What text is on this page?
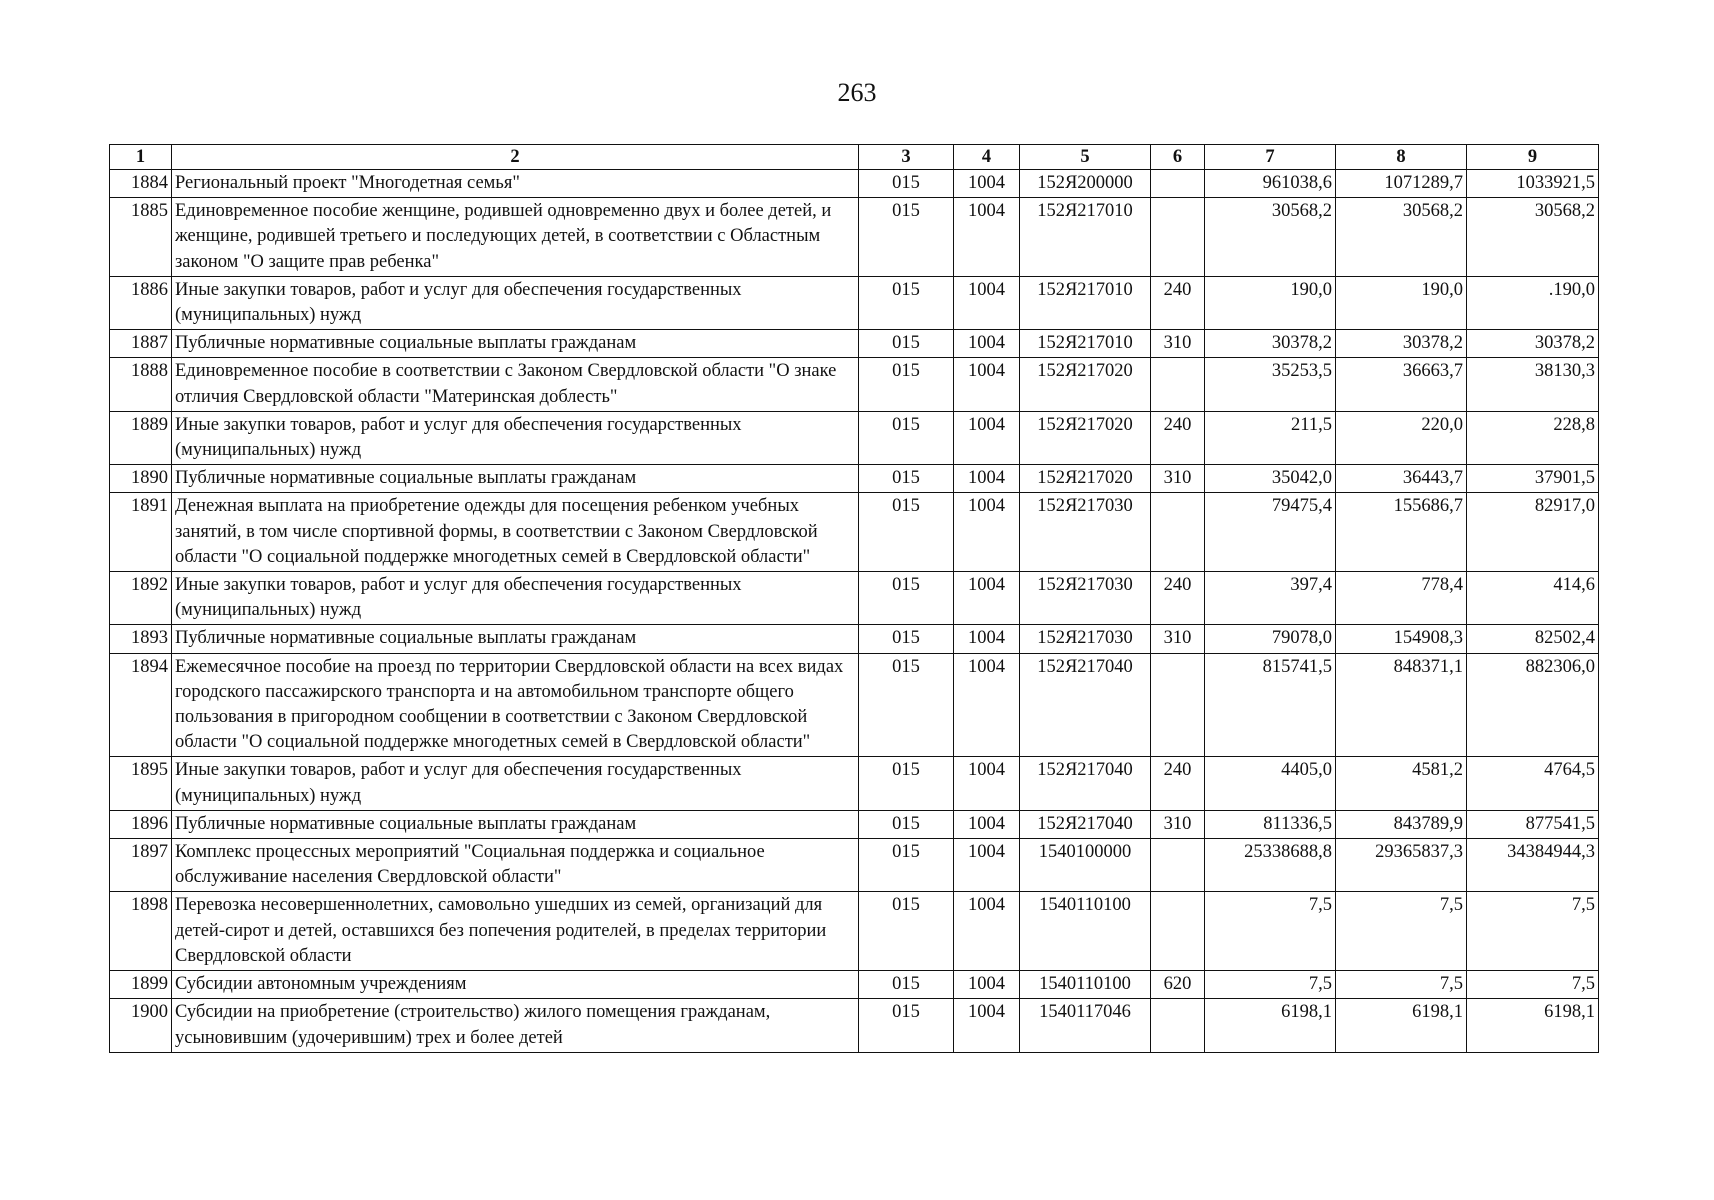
263
1	2	3	4	5	6	7	8	9
1884	Региональный проект "Многодетная семья"	015	1004	152Я200000		961038,6	1071289,7	1033921,5
1885	Единовременное пособие женщине, родившей одновременно двух и более детей, и женщине, родившей третьего и последующих детей, в соответствии с Областным законом "О защите прав ребенка"	015	1004	152Я217010		30568,2	30568,2	30568,2
1886	Иные закупки товаров, работ и услуг для обеспечения государственных (муниципальных) нужд	015	1004	152Я217010	240	190,0	190,0	.190,0
1887	Публичные нормативные социальные выплаты гражданам	015	1004	152Я217010	310	30378,2	30378,2	30378,2
1888	Единовременное пособие в соответствии с Законом Свердловской области "О знаке отличия Свердловской области "Материнская доблесть"	015	1004	152Я217020		35253,5	36663,7	38130,3
1889	Иные закупки товаров, работ и услуг для обеспечения государственных (муниципальных) нужд	015	1004	152Я217020	240	211,5	220,0	228,8
1890	Публичные нормативные социальные выплаты гражданам	015	1004	152Я217020	310	35042,0	36443,7	37901,5
1891	Денежная выплата на приобретение одежды для посещения ребенком учебных занятий, в том числе спортивной формы, в соответствии с Законом Свердловской области "О социальной поддержке многодетных семей в Свердловской области"	015	1004	152Я217030		79475,4	155686,7	82917,0
1892	Иные закупки товаров, работ и услуг для обеспечения государственных (муниципальных) нужд	015	1004	152Я217030	240	397,4	778,4	414,6
1893	Публичные нормативные социальные выплаты гражданам	015	1004	152Я217030	310	79078,0	154908,3	82502,4
1894	Ежемесячное пособие на проезд по территории Свердловской области на всех видах городского пассажирского транспорта и на автомобильном транспорте общего пользования в пригородном сообщении в соответствии с Законом Свердловской области "О социальной поддержке многодетных семей в Свердловской области"	015	1004	152Я217040		815741,5	848371,1	882306,0
1895	Иные закупки товаров, работ и услуг для обеспечения государственных (муниципальных) нужд	015	1004	152Я217040	240	4405,0	4581,2	4764,5
1896	Публичные нормативные социальные выплаты гражданам	015	1004	152Я217040	310	811336,5	843789,9	877541,5
1897	Комплекс процессных мероприятий "Социальная поддержка и социальное обслуживание населения Свердловской области"	015	1004	1540100000		25338688,8	29365837,3	34384944,3
1898	Перевозка несовершеннолетних, самовольно ушедших из семей, организаций для детей-сирот и детей, оставшихся без попечения родителей, в пределах территории Свердловской области	015	1004	1540110100		7,5	7,5	7,5
1899	Субсидии автономным учреждениям	015	1004	1540110100	620	7,5	7,5	7,5
1900	Субсидии на приобретение (строительство) жилого помещения гражданам, усыновившим (удочерившим) трех и более детей	015	1004	1540117046		6198,1	6198,1	6198,1
